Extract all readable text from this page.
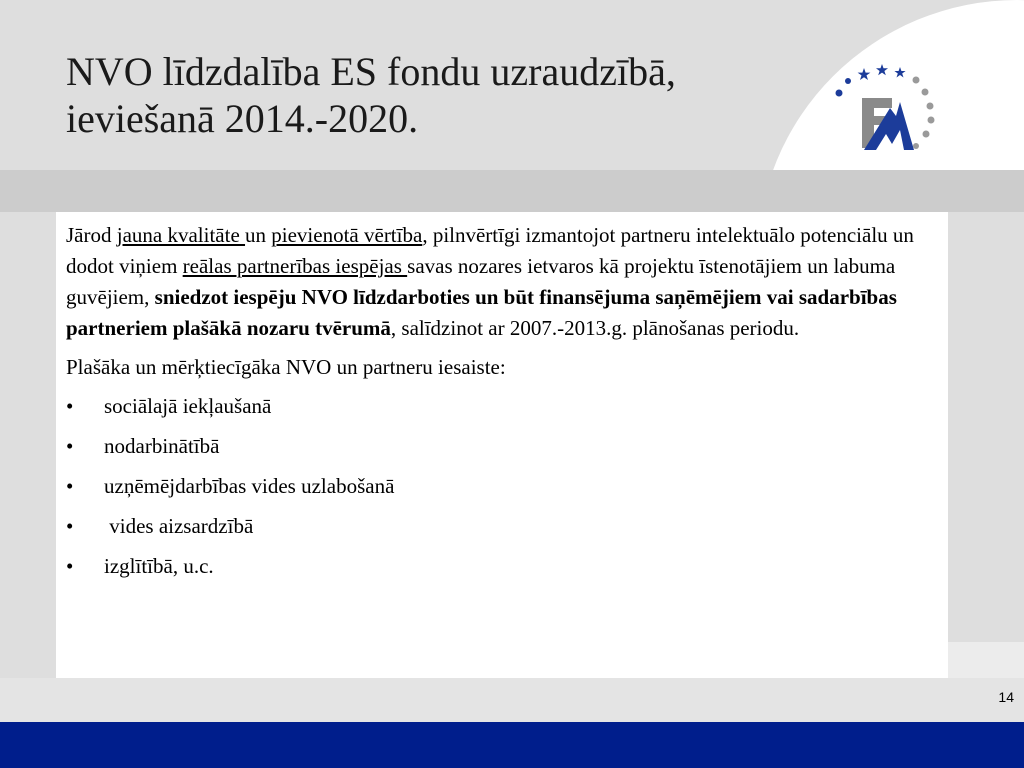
NVO līdzdalība ES fondu uzraudzībā,
ieviešanā 2014.-2020.

Jārod jauna kvalitāte un pievienotā vērtība, pilnvērtīgi izmantojot partneru intelektuālo potenciālu un dodot viņiem reālas partnerības iespējas savas nozares ietvaros kā projektu īstenotājiem un labuma guvējiem, sniedzot iespēju NVO līdzdarboties un būt finansējuma saņēmējiem vai sadarbības partneriem plašākā nozaru tvērumā, salīdzinot ar 2007.-2013.g. plānošanas periodu.

Plašāka un mērķtiecīgāka NVO un partneru iesaiste:

• sociālajā iekļaušanā
• nodarbinātībā
• uzņēmējdarbības vides uzlabošanā
• vides aizsardzībā
• izglītībā, u.c.
14
